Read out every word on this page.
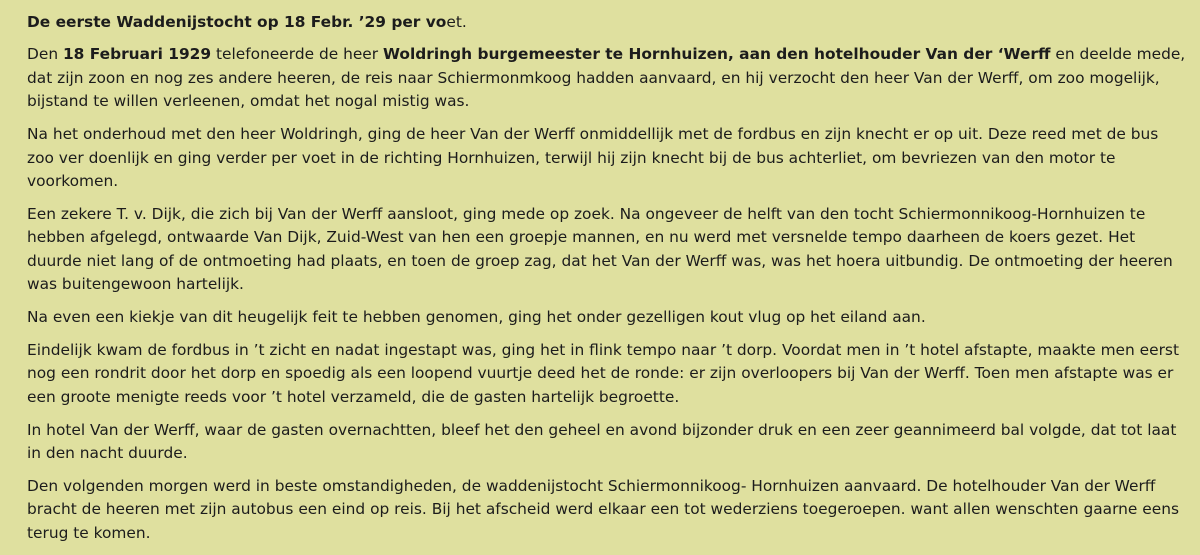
De eerste Waddenijstocht op 18 Febr. ’29 per voet.

Den 18 Februari 1929 telefoneerde de heer Woldringh burgemeester te Hornhuizen, aan den hotelhouder Van der ‘Werff en deelde mede, dat zijn zoon en nog zes andere heeren, de reis naar Schiermonmkoog hadden aanvaard, en hij verzocht den heer Van der Werff, om zoo mogelijk, bijstand te willen verleenen, omdat het nogal mistig was.

Na het onderhoud met den heer Woldringh, ging de heer Van der Werff onmiddellijk met de fordbus en zijn knecht er op uit. Deze reed met de bus zoo ver doenlijk en ging verder per voet in de richting Hornhuizen, terwijl hij zijn knecht bij de bus achterliet, om bevriezen van den motor te voorkomen.

Een zekere T. v. Dijk, die zich bij Van der Werff aansloot, ging mede op zoek. Na ongeveer de helft van den tocht Schiermonnikoog-Hornhuizen te hebben afgelegd, ontwaarde Van Dijk, Zuid-West van hen een groepje mannen, en nu werd met versnelde tempo daarheen de koers gezet. Het duurde niet lang of de ontmoeting had plaats, en toen de groep zag, dat het Van der Werff was, was het hoera uitbundig. De ontmoeting der heeren was buitengewoon hartelijk.

Na even een kiekje van dit heugelijk feit te hebben genomen, ging het onder gezelligen kout vlug op het eiland aan.

Eindelijk kwam de fordbus in ’t zicht en nadat ingestapt was, ging het in flink tempo naar ’t dorp. Voordat men in ’t hotel afstapte, maakte men eerst nog een rondrit door het dorp en spoedig als een loopend vuurtje deed het de ronde: er zijn overloopers bij Van der Werff. Toen men afstapte was er een groote menigte reeds voor ’t hotel verzameld, die de gasten hartelijk begroette.

In hotel Van der Werff, waar de gasten overnachtten, bleef het den geheel en avond bijzonder druk en een zeer geannimeerd bal volgde, dat tot laat in den nacht duurde.

Den volgenden morgen werd in beste omstandigheden, de waddenijstocht Schiermonnikoog- Hornhuizen aanvaard. De hotelhouder Van der Werff bracht de heeren met zijn autobus een eind op reis. Bij het afscheid werd elkaar een tot wederziens toegeroepen. want allen wenschten gaarne eens terug te komen.
